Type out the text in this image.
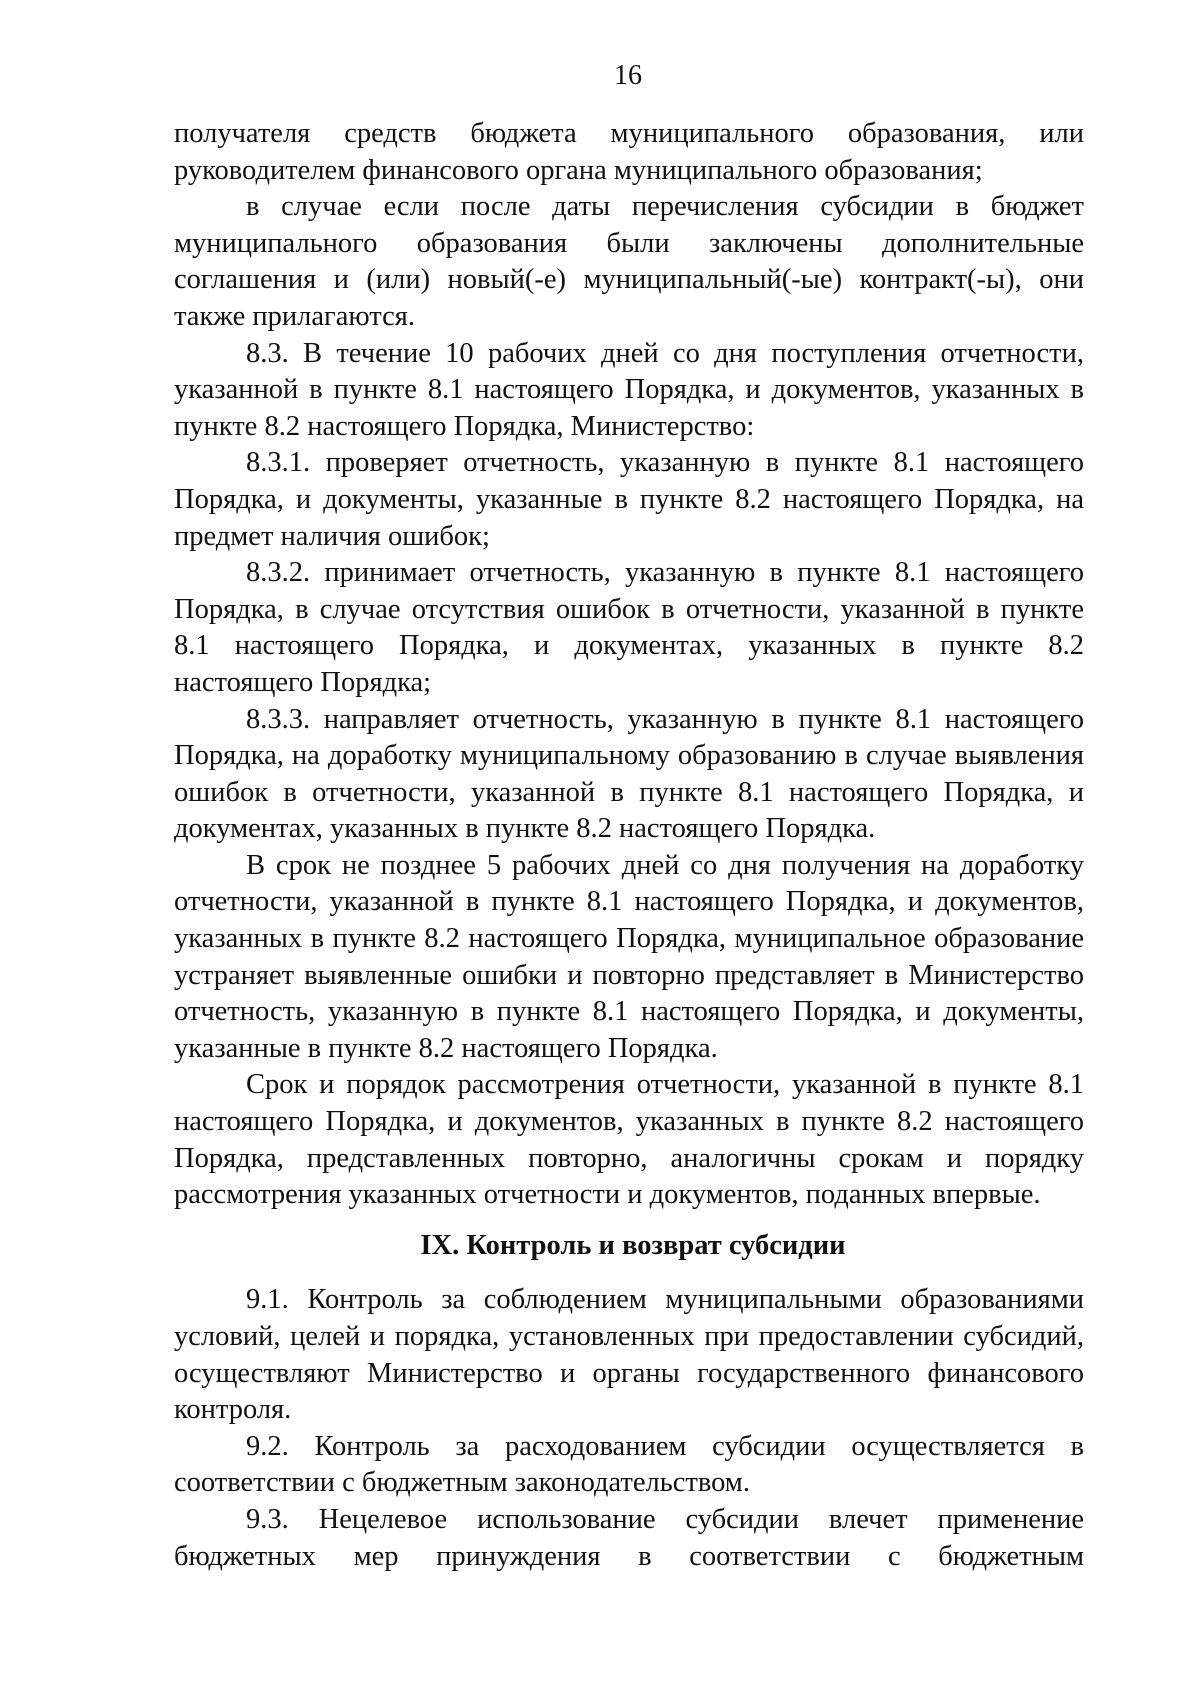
16

получателя средств бюджета муниципального образования, или руководителем финансового органа муниципального образования;

в случае если после даты перечисления субсидии в бюджет муниципального образования были заключены дополнительные соглашения и (или) новый(-е) муниципальный(-ые) контракт(-ы), они также прилагаются.

8.3. В течение 10 рабочих дней со дня поступления отчетности, указанной в пункте 8.1 настоящего Порядка, и документов, указанных в пункте 8.2 настоящего Порядка, Министерство:

8.3.1. проверяет отчетность, указанную в пункте 8.1 настоящего Порядка, и документы, указанные в пункте 8.2 настоящего Порядка, на предмет наличия ошибок;

8.3.2. принимает отчетность, указанную в пункте 8.1 настоящего Порядка, в случае отсутствия ошибок в отчетности, указанной в пункте 8.1 настоящего Порядка, и документах, указанных в пункте 8.2 настоящего Порядка;

8.3.3. направляет отчетность, указанную в пункте 8.1 настоящего Порядка, на доработку муниципальному образованию в случае выявления ошибок в отчетности, указанной в пункте 8.1 настоящего Порядка, и документах, указанных в пункте 8.2 настоящего Порядка.

В срок не позднее 5 рабочих дней со дня получения на доработку отчетности, указанной в пункте 8.1 настоящего Порядка, и документов, указанных в пункте 8.2 настоящего Порядка, муниципальное образование устраняет выявленные ошибки и повторно представляет в Министерство отчетность, указанную в пункте 8.1 настоящего Порядка, и документы, указанные в пункте 8.2 настоящего Порядка.

Срок и порядок рассмотрения отчетности, указанной в пункте 8.1 настоящего Порядка, и документов, указанных в пункте 8.2 настоящего Порядка, представленных повторно, аналогичны срокам и порядку рассмотрения указанных отчетности и документов, поданных впервые.

IX. Контроль и возврат субсидии

9.1. Контроль за соблюдением муниципальными образованиями условий, целей и порядка, установленных при предоставлении субсидий, осуществляют Министерство и органы государственного финансового контроля.

9.2. Контроль за расходованием субсидии осуществляется в соответствии с бюджетным законодательством.

9.3. Нецелевое использование субсидии влечет применение бюджетных мер принуждения в соответствии с бюджетным
